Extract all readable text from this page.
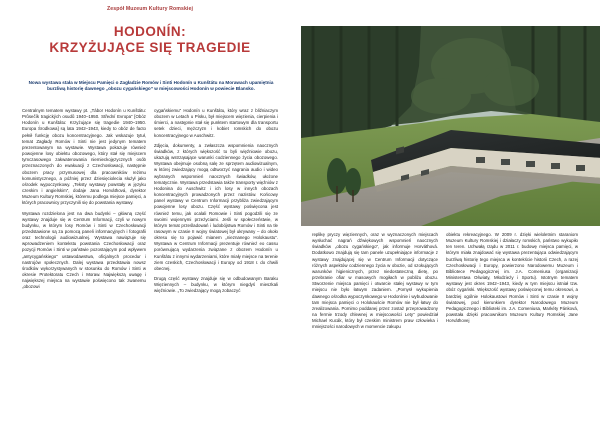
Zespół Muzeum Kultury Romskiej
HODONÍN:
KRZYŻUJĄCE SIĘ TRAGEDIE
Nowa wystawa stała w Miejscu Pamięci o Zagładzie Romów i Sinti Hodonín u Kunštátu na Morawach upamiętnia burzliwą historię dawnego „obozu cygańskiego” w miejscowości Hodonín w powiecie Blansko.

Centralnym tematem wystawy pt. „Tábor Hodonín u Kunštátu: Průsečík tragických osudů 1940–1950. Střední Evropa” [Obóz Hodonín u Kunštátu: Krzyżujące się tragedie 1940–1950. Europa Środkowa] są lata 1942–1943, kiedy to obóz de facto pełnił funkcję obozu koncentracyjnego. Jak wskazuje tytuł, temat Zagłady Romów i Sinti nie jest jedynym tematem prezentowanym na wystawie. Wystawa pokazuje również powojenne losy obiektu obozowego, który stał się miejscem tymczasowego zakwaterowania niemieckojęzycznych osób przeznaczonych do ewakuacji z Czechosłowacji, następnie obozem pracy przymusowej dla pracowników reżimu komunistycznego, a później przez dziesięciolecia służył jako ośrodek wypoczynkowy. „Teksty wystawy powstały w języku czeskim i angielskim”, dodaje Jana Horváthová, dyrektor Muzeum Kultury Romskiej, któremu podlega miejsce pamięci, a których pracownicy przyczynili się do powstania wystawy.

Wystawa rozdzielona jest na dwa budynki – główną część wystawy znajduje się w Centrum Informacji, czyli w nowym budynku, w którym losy Romów i Sinti w Czechosłowacji przedstawione są za pomocą paneli informacyjnych i fotografii oraz technologii audiowizualnej. Wystawa nawiązuje się wprowadzeniem kontekstu powstania Czechosłowacji oraz pozycji Romów i Sinti w państwie pozostającym pod wpływem „antycygańskiego” ustawodawstwa, oficjalnych procedur i nastrojów społecznych. Dalej wystawa przedstawia nowsz środków wykorzystywanych w stosunku do Romów i Sinti w okresie Protektoratu Czech i Moraw. Największą uwagę i największej miejsca na wystawie poświęcono tak zwanemu „obozowi

cygańskiemu” Hodonín u Kunštátu, który wraz z bliźniaczym obozem w Letach u Písku, był miejscem więzienia, cierpienia i śmierci, a następnie stał się punktem startowym dla transportu setek dzieci, mężczyzn i kobiet romskich do obozu koncentracyjnego w Auschwitz.

Zdjęcia, dokumenty, a zwłaszcza wspomnienia naocznych świadków, z których większość to byli więźniowie obozu, ukazują wstrząsające warunki codziennego życia obozowego. Wystawa obejmuje osobną salę ze sprzętem audiowizualnym, w której zwiedzający mogą odtworzyć nagrania audio i wideo wybranych wspomnień naocznych świadków, ułożone tematycznie. Wystawa przedstawia także transporty więźniów z Hodonina do Auschwitz i ich losy w innych obozach koncentracyjnych prowadzonych przez nazistów. Końcowy panel wystawy w Centrum Informacji przybliża zwiedzającym powojenne losy obozu. Część wystawy poświęcona jest również temu, jak ocalali Romowie i Sinti pogodzili się ze swoimi wojennymi przeżyciami. Jeśli w społeczeństwie, w którym temat prześladowań i ludobójstwa Romów i Sinti na tle rasowym w czasie II wojny światowej był ukrywany – do około okresu się to pojawić mianem „nieznanego Holokaustu”. Wystawa w Centrum Informacji prezentuje również eo cassu porównującą wydarzenia związane z obozem Hodonín u Kunštátu z innymi wydarzeniami, które miały miejsce na terenie ziem czeskich, Czechosłowacji i Europy od 1918 r. do chwili obecnej.

Drugą część wystawy znajduje się w odbudowanym Baraku Więziennych – budynku, w którym niegdyś mieszkali więźniowie. „To zwiedzający mogą zobaczyć

replikę pryczy więziennych, oraz w wyznaczonych miejscach wysłuchać nagrań dźwiękowych wspomnień naocznych świadków „obozu cygańskiego”, jak informuje Horváthová. Dodatkowo znajdują się tam panele uzupełniające informacje z wystawy znajdującej się w Centrum Informacji dotyczące różnych aspektów codziennego życia w obozie, od szokujących warunków higienicznych, przez niedostateczną dietę, po przebranie ofiar w masowych mogiłach w pobliżu obozu. Stworzenie miejsca pamięci i otwarcie stałej wystawy w tym miejscu nie było łatwym zadaniem. „Pomysł wykupienia dawnego ośrodka wypoczynkowego w Hodonínie i wybudowanie tam miejsca pamięci o Holokauście Romów nie był łatwy do zrealizowania. Pomimo poddanej przez zostaż przeprowadzony na fermie trzody chlewnej w miejscowości Lety” powiedział Michael Kucák, który był czeskim ministrem praw człowieka i mniejszości narodowych w momencie zakupu

obiektu rekreacyjnego. W 2009 r. dzięki wieloletnim staraniom Muzeum Kultury Romskiej i działaczy romskich, państwo wykupiło ten teren. Uchwałą rządu w 2011 r. budowę miejsca pamięci, w którym miała znajdować się wystawa prezentująca odwiedzającym burzliwą historię tego miejsca w kontekście historii Czech, a razej Czechosłowacji i Europy, powierzono Narodowemu Muzeum i Bibliotece Pedagogicznej im. J.A. Comeniusa (organizacji Ministerstwa Oświaty, Młodzieży i Sportu). Istotnym tematem wystawy jest okres 1942–1943, kiedy w tym miejscu istniał tzw. obóz cygański. Większość wystawy poświęconej temu okresowi, a bardziej ogólnie Holokaustowi Romów i Sinti w czasie II wojny światowej, pod kierunkiem dyrektor Narodowego Muzeum Pedagogicznego i Biblioteki im. J.A. Comeniusa, Markéty Pánková, powstała dzięki pracownikom Muzeum Kultury Romskiej Jane Horváthovej
